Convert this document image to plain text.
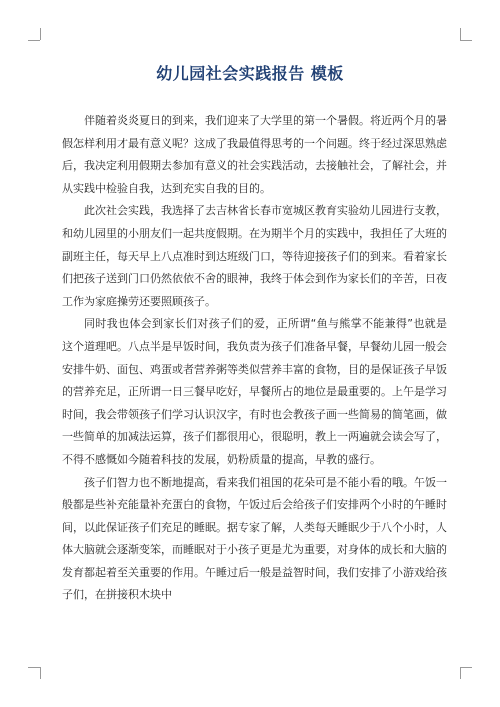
幼儿园社会实践报告 模板

伴随着炎炎夏日的到来，我们迎来了大学里的第一个暑假。将近两个月的暑假怎样利用才最有意义呢？这成了我最值得思考的一个问题。终于经过深思熟虑后，我决定利用假期去参加有意义的社会实践活动，去接触社会，了解社会，并从实践中检验自我，达到充实自我的目的。

此次社会实践，我选择了去吉林省长春市宽城区教育实验幼儿园进行支教，和幼儿园里的小朋友们一起共度假期。在为期半个月的实践中，我担任了大班的副班主任，每天早上八点准时到达班级门口，等待迎接孩子们的到来。看着家长们把孩子送到门口仍然依依不舍的眼神，我终于体会到作为家长们的辛苦，日夜工作为家庭操劳还要照顾孩子。

同时我也体会到家长们对孩子们的爱，正所谓“鱼与熊掌不能兼得”也就是这个道理吧。八点半是早饭时间，我负责为孩子们准备早餐，早餐幼儿园一般会安排牛奶、面包、鸡蛋或者营养粥等类似营养丰富的食物，目的是保证孩子早饭的营养充足，正所谓一日三餐早吃好，早餐所占的地位是最重要的。上午是学习时间，我会带领孩子们学习认识汉字，有时也会教孩子画一些简易的简笔画，做一些简单的加减法运算，孩子们都很用心，很聪明，教上一两遍就会读会写了，不得不感慨如今随着科技的发展，奶粉质量的提高，早教的盛行。

孩子们智力也不断地提高，看来我们祖国的花朵可是不能小看的哦。午饭一般都是些补充能量补充蛋白的食物，午饭过后会给孩子们安排两个小时的午睡时间，以此保证孩子们充足的睡眠。据专家了解，人类每天睡眠少于八个小时，人体大脑就会逐渐变笨，而睡眠对于小孩子更是尤为重要，对身体的成长和大脑的发育都起着至关重要的作用。午睡过后一般是益智时间，我们安排了小游戏给孩子们，在拼接积木块中
